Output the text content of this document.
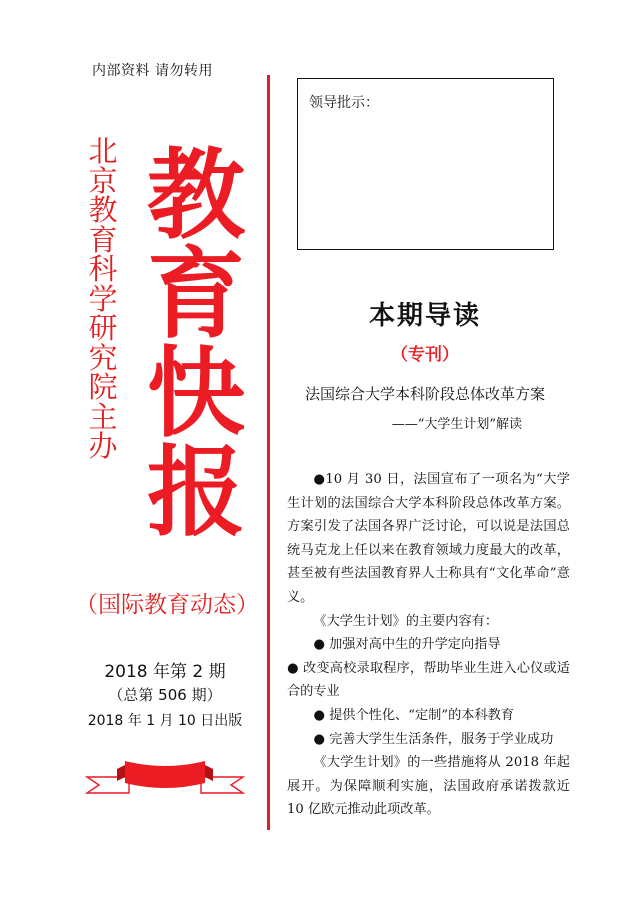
内部资料 请勿转用
北京教育科学研究院 主办
教育快报
（国际教育动态）
2018 年第 2 期
（总第 506 期）
2018 年 1 月 10 日出版
领导批示：
本期导读
（专刊）
法国综合大学本科阶段总体改革方案
——“大学生计划”解读

●10 月 30 日，法国宣布了一项名为“大学生计划的法国综合大学本科阶段总体改革方案。方案引发了法国各界广泛讨论，可以说是法国总统马克龙上任以来在教育领域力度最大的改革，甚至被有些法国教育界人士称具有“文化革命”意义。

《大学生计划》的主要内容有：

● 加强对高中生的升学定向指导

● 改变高校录取程序，帮助毕业生进入心仪或适合的专业

● 提供个性化、“定制”的本科教育

● 完善大学生生活条件，服务于学业成功

《大学生计划》的一些措施将从 2018 年起展开。为保障顺利实施，法国政府承诺拨款近 10 亿欧元推动此项改革。
